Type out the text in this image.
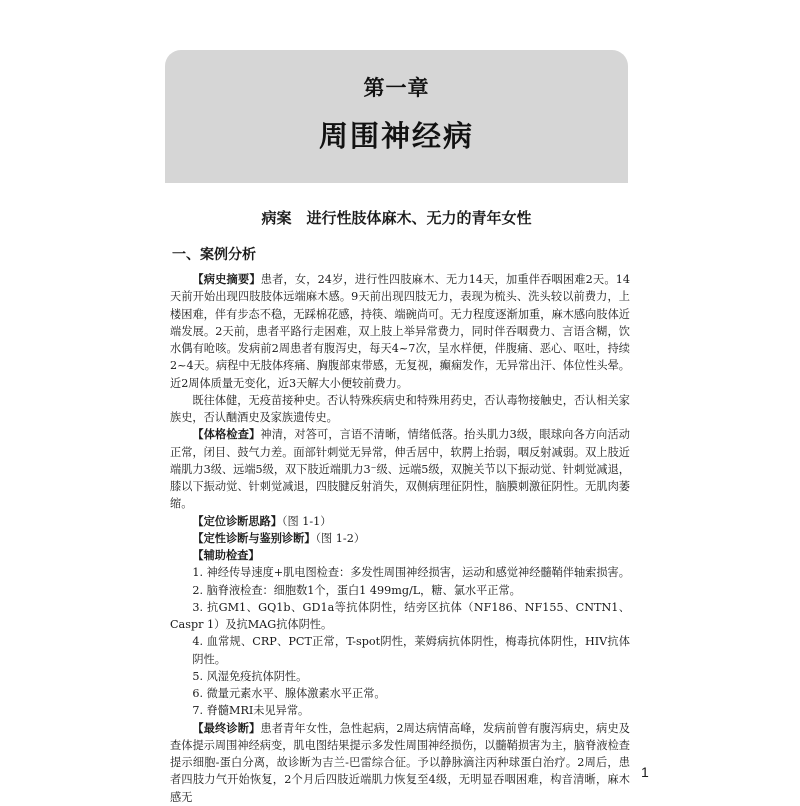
第一章
周围神经病
病案　进行性肢体麻木、无力的青年女性
一、案例分析

【病史摘要】患者，女，24岁，进行性四肢麻木、无力14天，加重伴吞咽困难2天。14天前开始出现四肢肢体远端麻木感。9天前出现四肢无力，表现为梳头、洗头较以前费力，上楼困难，伴有步态不稳，无踩棉花感，持筷、端碗尚可。无力程度逐渐加重，麻木感向肢体近端发展。2天前，患者平路行走困难，双上肢上举异常费力，同时伴吞咽费力、言语含糊，饮水偶有呛咳。发病前2周患者有腹泻史，每天4~7次，呈水样便，伴腹痛、恶心、呕吐，持续2~4天。病程中无肢体疼痛、胸腹部束带感，无复视，癫痫发作，无异常出汗、体位性头晕。近2周体质量无变化，近3天解大小便较前费力。

既往体健，无疫苗接种史。否认特殊疾病史和特殊用药史，否认毒物接触史，否认相关家族史，否认酗酒史及家族遗传史。

【体格检查】神清，对答可，言语不清晰，情绪低落。抬头肌力3级，眼球向各方向活动正常，闭目、鼓气力差。面部针刺觉无异常，伸舌居中，软腭上抬弱，咽反射减弱。双上肢近端肌力3级、远端5级，双下肢近端肌力3⁻级、远端5级，双腕关节以下振动觉、针刺觉减退，膝以下振动觉、针刺觉减退，四肢腱反射消失，双侧病理征阴性，脑膜刺激征阴性。无肌肉萎缩。

【定位诊断思路】（图 1-1）

【定性诊断与鉴别诊断】（图 1-2）

【辅助检查】

1. 神经传导速度+肌电图检查：多发性周围神经损害，运动和感觉神经髓鞘伴轴索损害。

2. 脑脊液检查：细胞数1个，蛋白1 499mg/L，糖、氯水平正常。

3. 抗GM1、GQ1b、GD1a等抗体阴性，结旁区抗体（NF186、NF155、CNTN1、Caspr 1）及抗MAG抗体阴性。

4. 血常规、CRP、PCT正常，T-spot阴性，莱姆病抗体阴性，梅毒抗体阴性，HIV抗体阴性。

5. 风湿免疫抗体阴性。

6. 微量元素水平、腺体激素水平正常。

7. 脊髓MRI未见异常。

【最终诊断】患者青年女性，急性起病，2周达病情高峰，发病前曾有腹泻病史，病史及查体提示周围神经病变，肌电图结果提示多发性周围神经损伤，以髓鞘损害为主，脑脊液检查提示细胞-蛋白分离，故诊断为吉兰-巴雷综合征。予以静脉滴注丙种球蛋白治疗。2周后，患者四肢力气开始恢复，2个月后四肢近端肌力恢复至4级，无明显吞咽困难，构音清晰，麻木感无

1
